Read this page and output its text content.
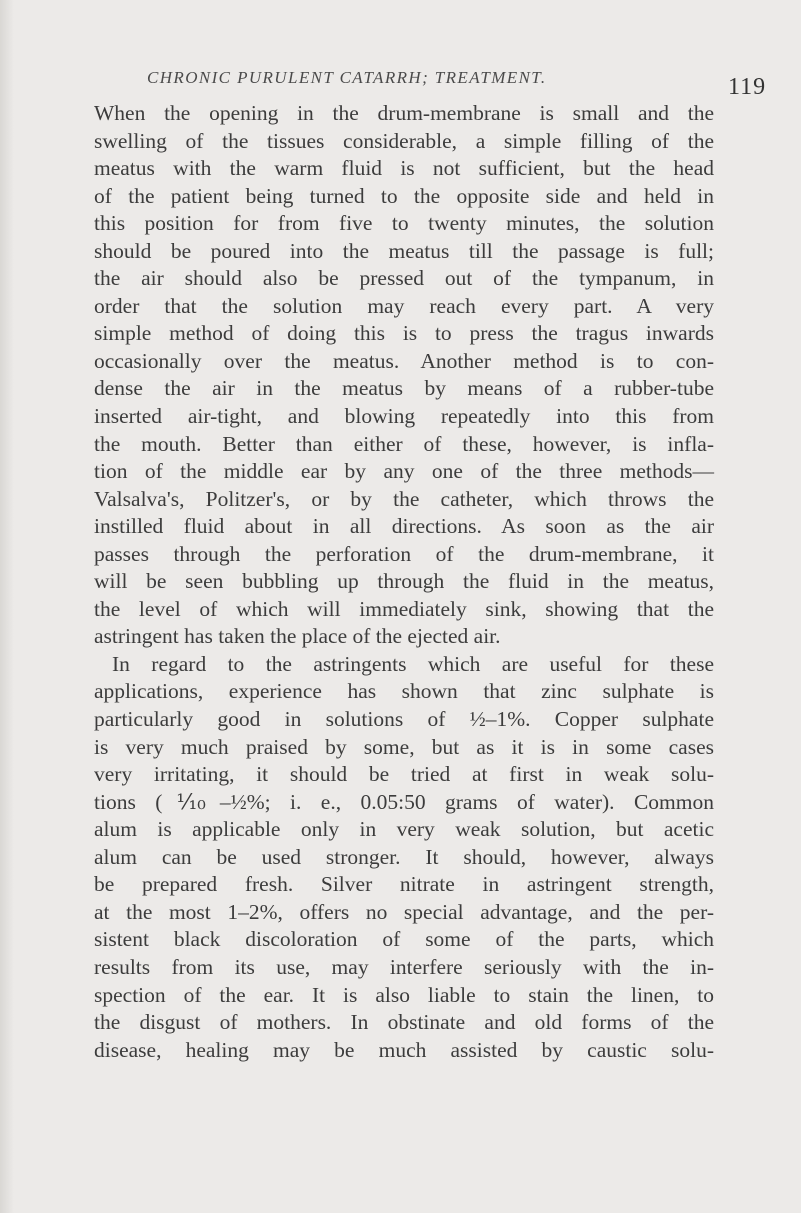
CHRONIC PURULENT CATARRH; TREATMENT.	119
When the opening in the drum-membrane is small and the
swelling of the tissues considerable, a simple filling of the
meatus with the warm fluid is not sufficient, but the head
of the patient being turned to the opposite side and held in
this position for from five to twenty minutes, the solution
should be poured into the meatus till the passage is full;
the air should also be pressed out of the tympanum, in
order that the solution may reach every part. A very
simple method of doing this is to press the tragus inwards
occasionally over the meatus. Another method is to con-
dense the air in the meatus by means of a rubber-tube
inserted air-tight, and blowing repeatedly into this from
the mouth. Better than either of these, however, is infla-
tion of the middle ear by any one of the three methods—
Valsalva's, Politzer's, or by the catheter, which throws the
instilled fluid about in all directions. As soon as the air
passes through the perforation of the drum-membrane, it
will be seen bubbling up through the fluid in the meatus,
the level of which will immediately sink, showing that the
astringent has taken the place of the ejected air.
In regard to the astringents which are useful for these
applications, experience has shown that zinc sulphate is
particularly good in solutions of ½–1%. Copper sulphate
is very much praised by some, but as it is in some cases
very irritating, it should be tried at first in weak solu-
tions (⅒–½%; i. e., 0.05:50 grams of water). Common
alum is applicable only in very weak solution, but acetic
alum can be used stronger. It should, however, always
be prepared fresh. Silver nitrate in astringent strength,
at the most 1–2%, offers no special advantage, and the per-
sistent black discoloration of some of the parts, which
results from its use, may interfere seriously with the in-
spection of the ear. It is also liable to stain the linen, to
the disgust of mothers. In obstinate and old forms of the
disease, healing may be much assisted by caustic solu-
